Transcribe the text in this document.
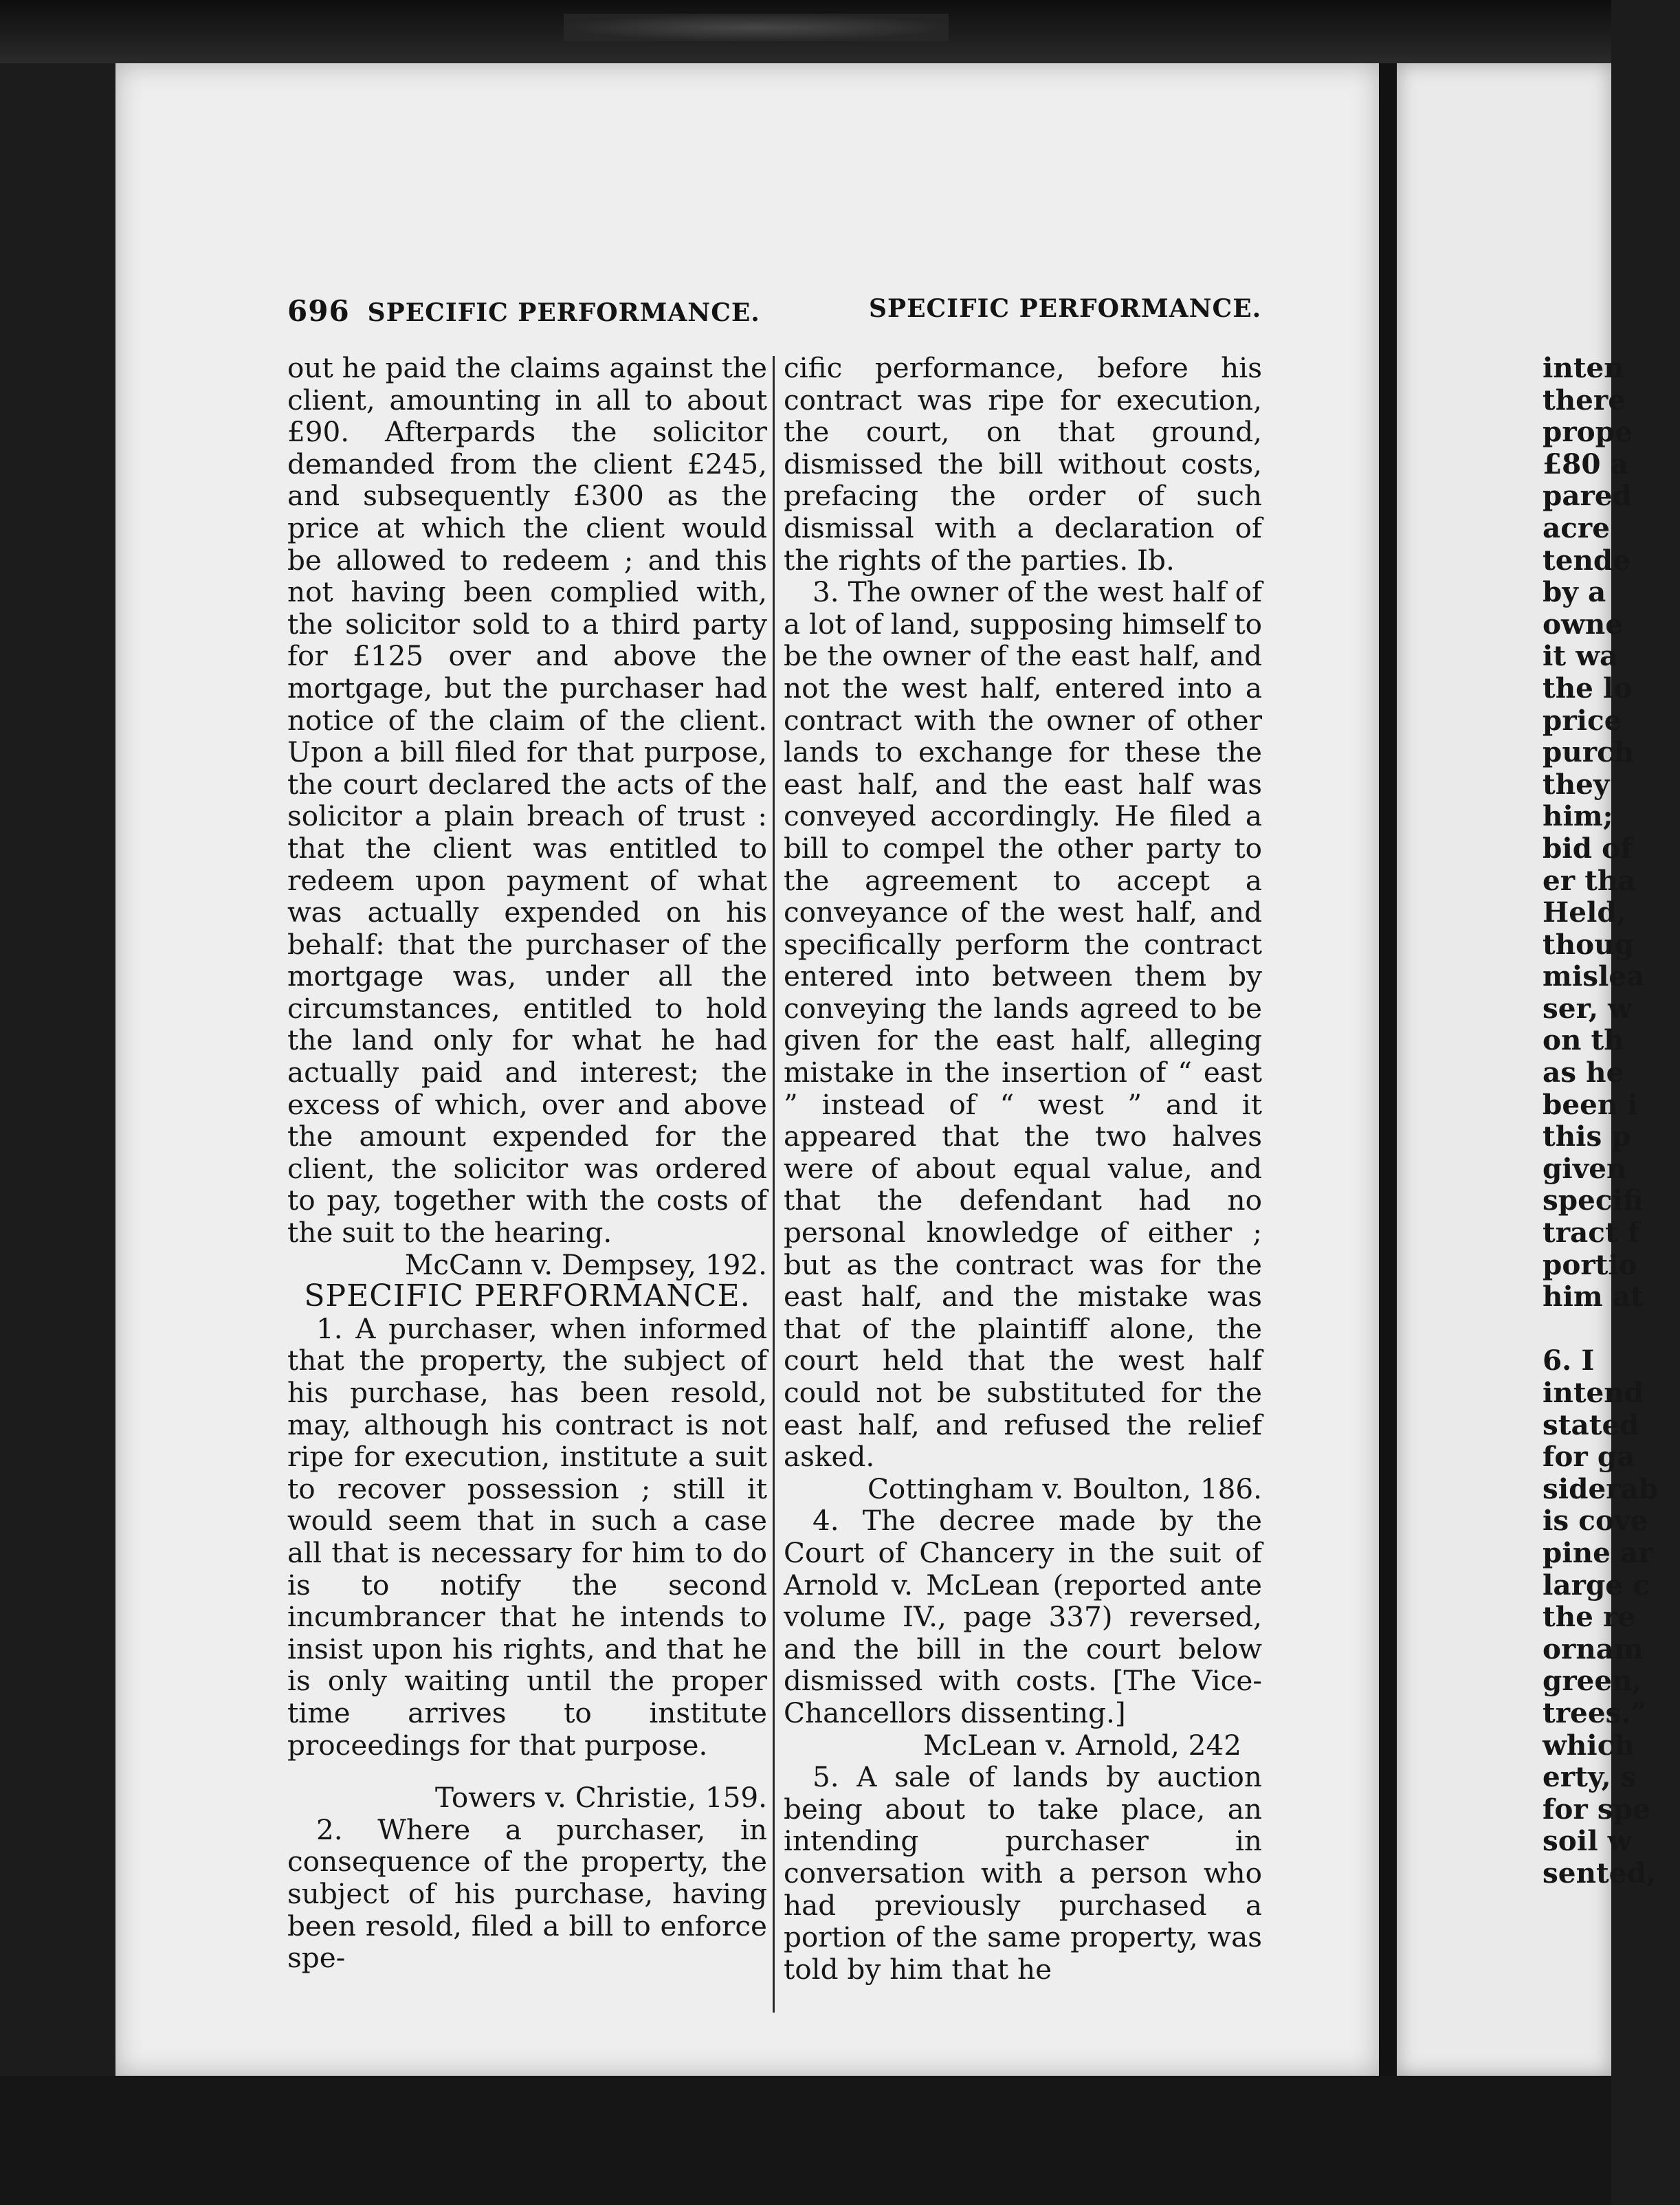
696 SPECIFIC PERFORMANCE.	SPECIFIC PERFORMANCE.

out he paid the claims against the client, amounting in all to about £90. Afterpards the solicitor demanded from the client £245, and subsequently £300 as the price at which the client would be allowed to redeem ; and this not having been complied with, the solicitor sold to a third party for £125 over and above the mortgage, but the purchaser had notice of the claim of the client. Upon a bill filed for that purpose, the court declared the acts of the solicitor a plain breach of trust : that the client was entitled to redeem upon payment of what was actually expended on his behalf: that the purchaser of the mortgage was, under all the circumstances, entitled to hold the land only for what he had actually paid and interest; the excess of which, over and above the amount expended for the client, the solicitor was ordered to pay, together with the costs of the suit to the hearing.

McCann v. Dempsey, 192.

SPECIFIC PERFORMANCE.

1. A purchaser, when informed that the property, the subject of his purchase, has been resold, may, although his contract is not ripe for execution, institute a suit to recover possession ; still it would seem that in such a case all that is necessary for him to do is to notify the second incumbrancer that he intends to insist upon his rights, and that he is only waiting until the proper time arrives to institute proceedings for that purpose.

Towers v. Christie, 159.

2. Where a purchaser, in consequence of the property, the subject of his purchase, having been resold, filed a bill to enforce spe-

cific performance, before his contract was ripe for execution, the court, on that ground, dismissed the bill without costs, prefacing the order of such dismissal with a declaration of the rights of the parties. Ib.

3. The owner of the west half of a lot of land, supposing himself to be the owner of the east half, and not the west half, entered into a contract with the owner of other lands to exchange for these the east half, and the east half was conveyed accordingly. He filed a bill to compel the other party to the agreement to accept a conveyance of the west half, and specifically perform the contract entered into between them by conveying the lands agreed to be given for the east half, alleging mistake in the insertion of “ east ” instead of “ west ” and it appeared that the two halves were of about equal value, and that the defendant had no personal knowledge of either ; but as the contract was for the east half, and the mistake was that of the plaintiff alone, the court held that the west half could not be substituted for the east half, and refused the relief asked.

Cottingham v. Boulton, 186.

4. The decree made by the Court of Chancery in the suit of Arnold v. McLean (reported ante volume IV., page 337) reversed, and the bill in the court below dismissed with costs. [The Vice-Chancellors dissenting.]

McLean v. Arnold, 242

5. A sale of lands by auction being about to take place, an intending purchaser in conversation with a person who had previously purchased a portion of the same property, was told by him that he

inten

there

prope

£80 a

pared

acre

tende

by a

owne

it wa

the lo

price

purch

they

him;

bid of

er tha

Held,

thoug

mislea

ser, w

on th

as he

been i

this p

given

specifi

tract f

portio

him at

6. I

intend

stated

for ga

siderab

is cove

pine ar

large c

the re

ornam

green,

trees.”

which

erty, s

for spe

soil w

sented,
